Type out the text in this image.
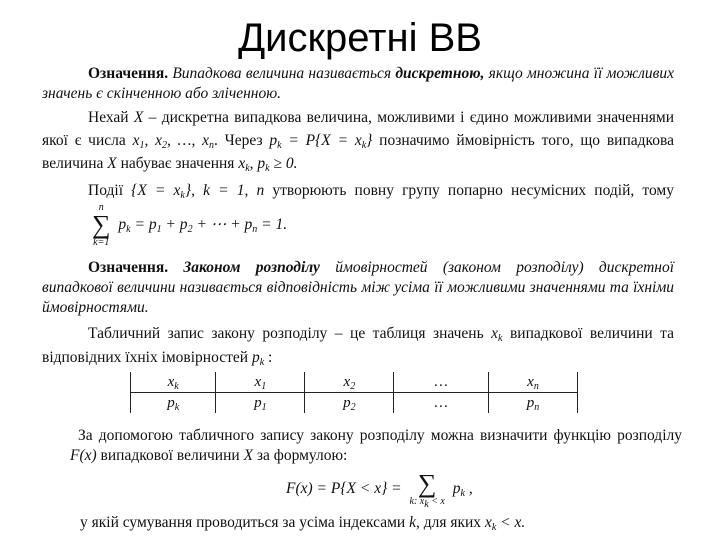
Дискретні ВВ
Означення. Випадкова величина називається дискретною, якщо множина її можливих значень є скінченною або зліченною.
Нехай X – дискретна випадкова величина, можливими і єдино можливими значеннями якої є числа $x_1$, $x_2$, …, $x_n$. Через $p_k = P\{X = x_k\}$ позначимо ймовірність того, що випадкова величина X набуває значення $x_k$, $p_k \ge 0$.
Події $\{X = x_k\}$, k = 1, n утворюють повну групу попарно несумісних подій, тому
n
∑
k=1
$p_k = p_1 + p_2$ + ⋯ + $p_n = 1$.
Означення. Законом розподілу ймовірностей (законом розподілу) дискретної випадкової величини називається відповідність між усіма її можливими значеннями та їхніми ймовірностями.
Табличний запис закону розподілу – це таблиця значень $x_k$ випадкової величини та відповідних їхніх імовірностей $p_k$ :
$x_k$	$x_1$	$x_2$	…	$x_n$
$p_k$	$p_1$	$p_2$	…	$p_n$
За допомогою табличного запису закону розподілу можна визначити функцію розподілу F(x) випадкової величини X за формулою:
F(x) = P{X < x} = ∑
k: $x_k < x$
$p_k$ ,
у якій сумування проводиться за усіма індексами k, для яких $x_k < x$.
